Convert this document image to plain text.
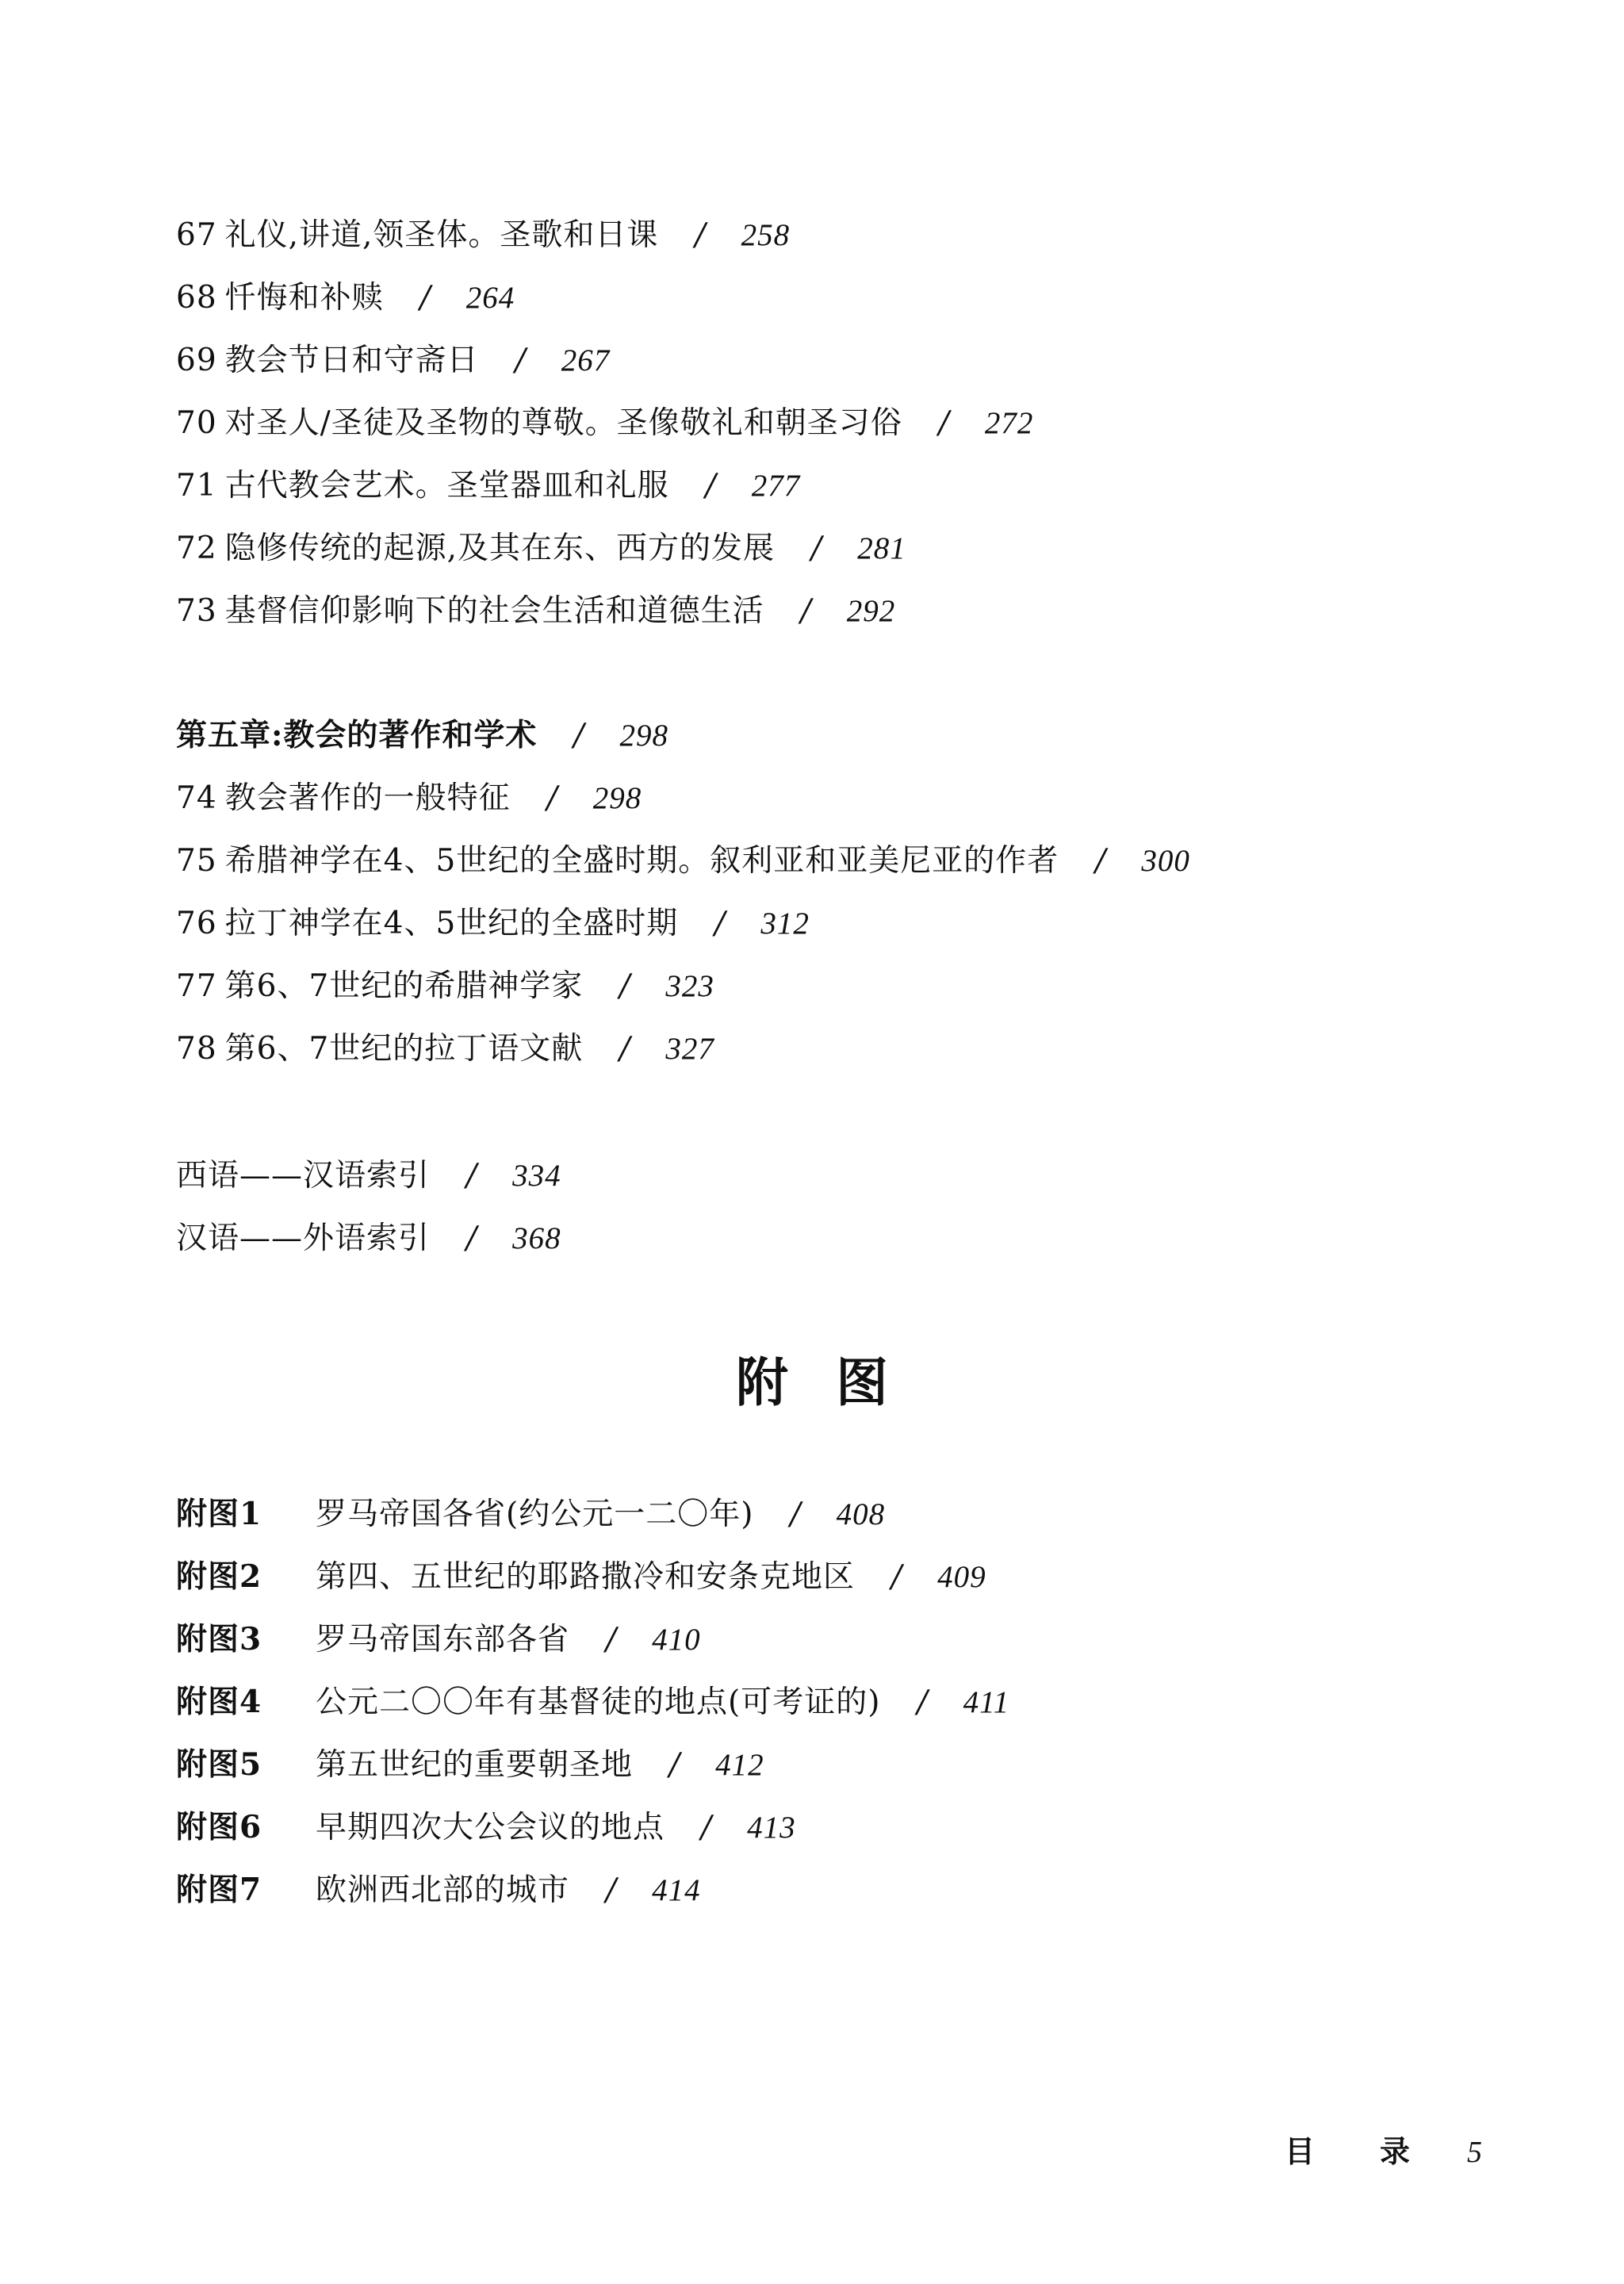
67 礼仪,讲道,领圣体。圣歌和日课 / 258
68 忏悔和补赎 / 264
69 教会节日和守斋日 / 267
70 对圣人/圣徒及圣物的尊敬。圣像敬礼和朝圣习俗 / 272
71 古代教会艺术。圣堂器皿和礼服 / 277
72 隐修传统的起源,及其在东、西方的发展 / 281
73 基督信仰影响下的社会生活和道德生活 / 292
第五章:教会的著作和学术 / 298
74 教会著作的一般特征 / 298
75 希腊神学在4、5世纪的全盛时期。叙利亚和亚美尼亚的作者 / 300
76 拉丁神学在4、5世纪的全盛时期 / 312
77 第6、7世纪的希腊神学家 / 323
78 第6、7世纪的拉丁语文献 / 327
西语——汉语索引 / 334
汉语——外语索引 / 368
附图
附图1 罗马帝国各省(约公元一二〇年) / 408
附图2 第四、五世纪的耶路撒冷和安条克地区 / 409
附图3 罗马帝国东部各省 / 410
附图4 公元二〇〇年有基督徒的地点(可考证的) / 411
附图5 第五世纪的重要朝圣地 / 412
附图6 早期四次大公会议的地点 / 413
附图7 欧洲西北部的城市 / 414
目 录 5
